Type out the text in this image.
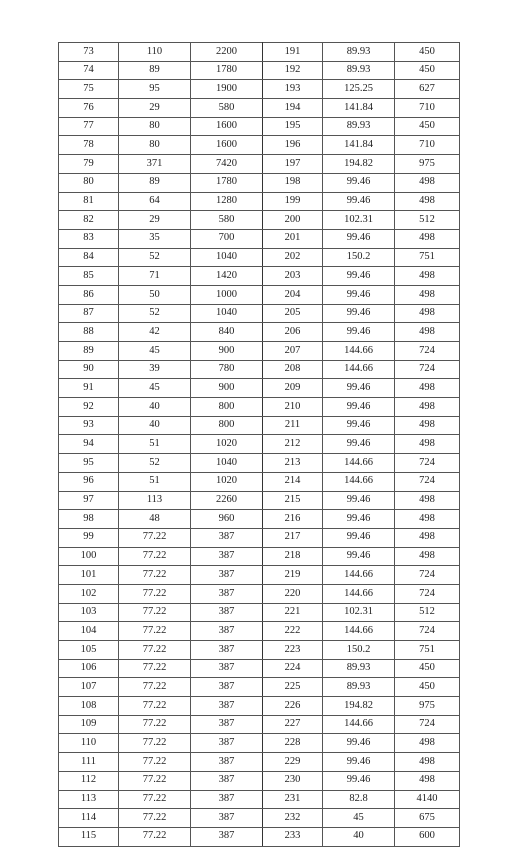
73	110	2200	191	89.93	450
74	89	1780	192	89.93	450
75	95	1900	193	125.25	627
76	29	580	194	141.84	710
77	80	1600	195	89.93	450
78	80	1600	196	141.84	710
79	371	7420	197	194.82	975
80	89	1780	198	99.46	498
81	64	1280	199	99.46	498
82	29	580	200	102.31	512
83	35	700	201	99.46	498
84	52	1040	202	150.2	751
85	71	1420	203	99.46	498
86	50	1000	204	99.46	498
87	52	1040	205	99.46	498
88	42	840	206	99.46	498
89	45	900	207	144.66	724
90	39	780	208	144.66	724
91	45	900	209	99.46	498
92	40	800	210	99.46	498
93	40	800	211	99.46	498
94	51	1020	212	99.46	498
95	52	1040	213	144.66	724
96	51	1020	214	144.66	724
97	113	2260	215	99.46	498
98	48	960	216	99.46	498
99	77.22	387	217	99.46	498
100	77.22	387	218	99.46	498
101	77.22	387	219	144.66	724
102	77.22	387	220	144.66	724
103	77.22	387	221	102.31	512
104	77.22	387	222	144.66	724
105	77.22	387	223	150.2	751
106	77.22	387	224	89.93	450
107	77.22	387	225	89.93	450
108	77.22	387	226	194.82	975
109	77.22	387	227	144.66	724
110	77.22	387	228	99.46	498
111	77.22	387	229	99.46	498
112	77.22	387	230	99.46	498
113	77.22	387	231	82.8	4140
114	77.22	387	232	45	675
115	77.22	387	233	40	600
